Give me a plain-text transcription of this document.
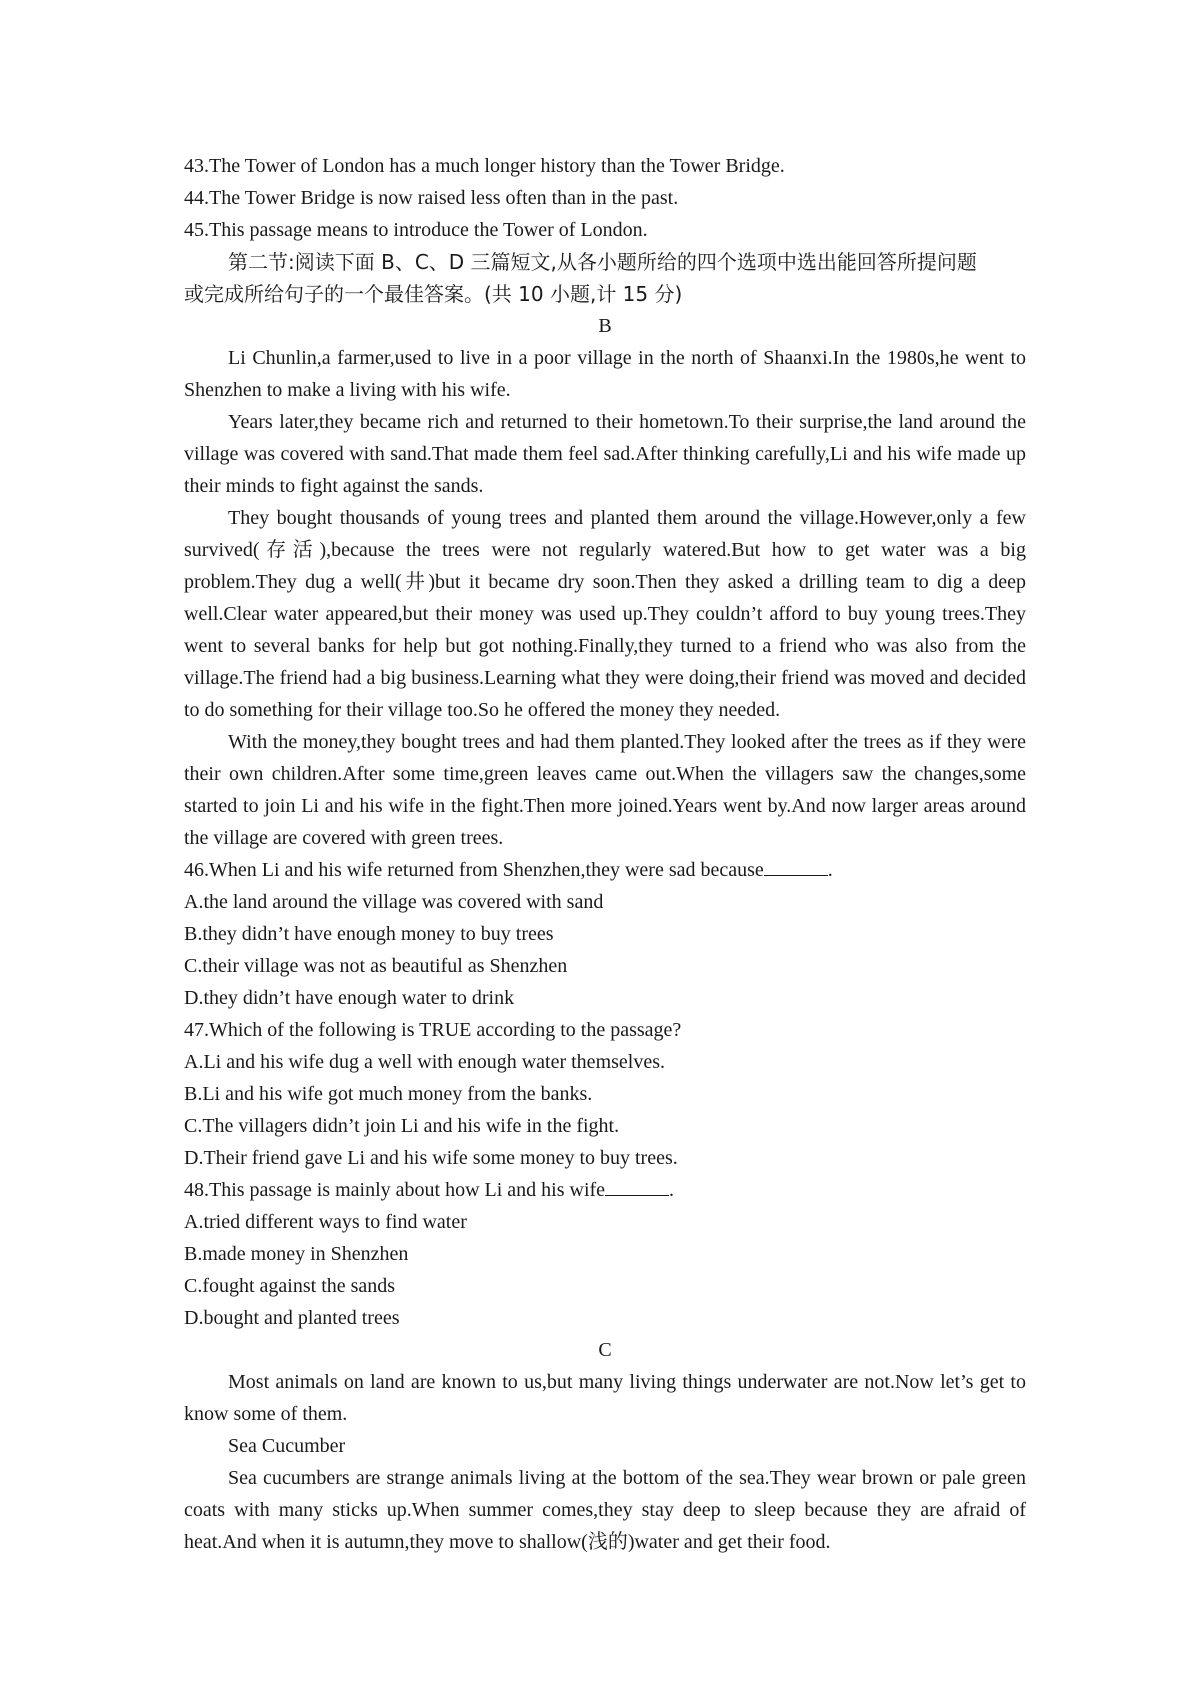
43.The Tower of London has a much longer history than the Tower Bridge.
44.The Tower Bridge is now raised less often than in the past.
45.This passage means to introduce the Tower of London.
第二节:阅读下面 B、C、D 三篇短文,从各小题所给的四个选项中选出能回答所提问题
或完成所给句子的一个最佳答案。(共 10 小题,计 15 分)
B

Li Chunlin,a farmer,used to live in a poor village in the north of Shaanxi.In the 1980s,he went to Shenzhen to make a living with his wife.

Years later,they became rich and returned to their hometown.To their surprise,the land around the village was covered with sand.That made them feel sad.After thinking carefully,Li and his wife made up their minds to fight against the sands.

They bought thousands of young trees and planted them around the village.However,only a few survived(存活),because the trees were not regularly watered.But how to get water was a big problem.They dug a well(井)but it became dry soon.Then they asked a drilling team to dig a deep well.Clear water appeared,but their money was used up.They couldn’t afford to buy young trees.They went to several banks for help but got nothing.Finally,they turned to a friend who was also from the village.The friend had a big business.Learning what they were doing,their friend was moved and decided to do something for their village too.So he offered the money they needed.

With the money,they bought trees and had them planted.They looked after the trees as if they were their own children.After some time,green leaves came out.When the villagers saw the changes,some started to join Li and his wife in the fight.Then more joined.Years went by.And now larger areas around the village are covered with green trees.

46.When Li and his wife returned from Shenzhen,they were sad because	.
A.the land around the village was covered with sand
B.they didn’t have enough money to buy trees
C.their village was not as beautiful as Shenzhen
D.they didn’t have enough water to drink
47.Which of the following is TRUE according to the passage?
A.Li and his wife dug a well with enough water themselves.
B.Li and his wife got much money from the banks.
C.The villagers didn’t join Li and his wife in the fight.
D.Their friend gave Li and his wife some money to buy trees.
48.This passage is mainly about how Li and his wife	.
A.tried different ways to find water
B.made money in Shenzhen
C.fought against the sands
D.bought and planted trees
C

Most animals on land are known to us,but many living things underwater are not.Now let’s get to know some of them.

Sea Cucumber

Sea cucumbers are strange animals living at the bottom of the sea.They wear brown or pale green coats with many sticks up.When summer comes,they stay deep to sleep because they are afraid of heat.And when it is autumn,they move to shallow(浅的)water and get their food.
